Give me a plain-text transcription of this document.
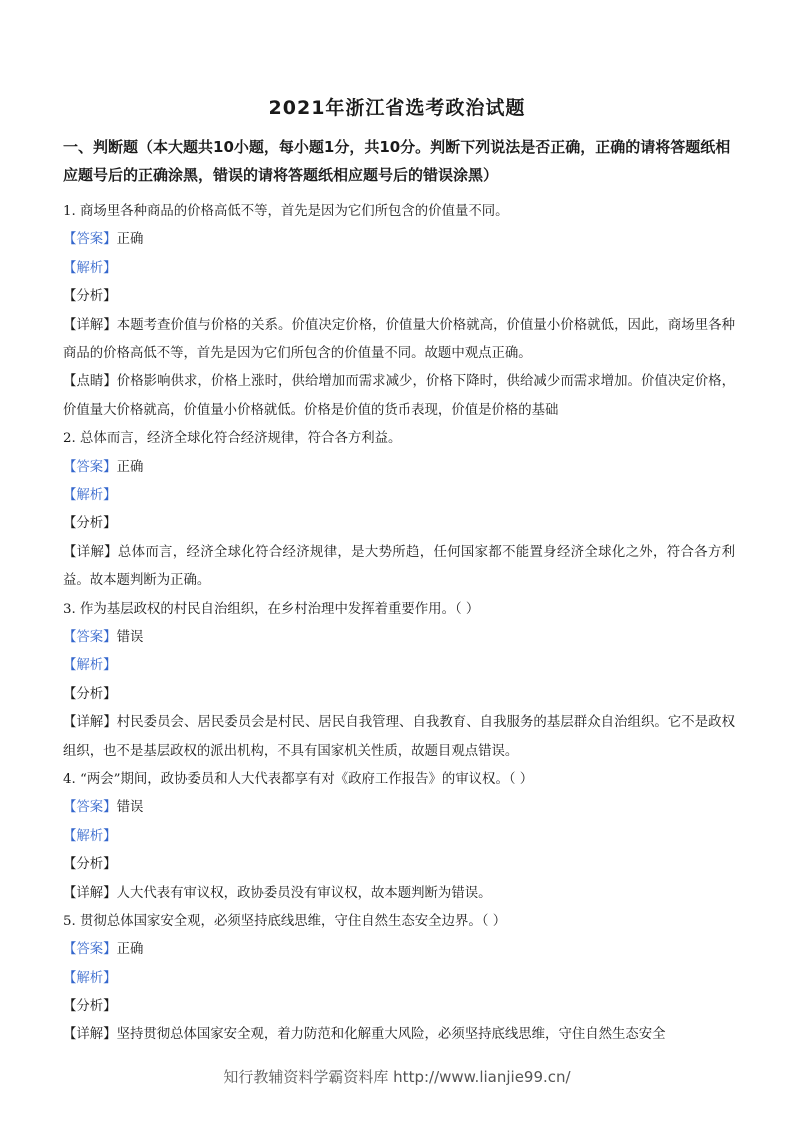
2021年浙江省选考政治试题
一、判断题（本大题共10小题，每小题1分，共10分。判断下列说法是否正确，正确的请将答题纸相应题号后的正确涂黑，错误的请将答题纸相应题号后的错误涂黑）
1. 商场里各种商品的价格高低不等，首先是因为它们所包含的价值量不同。
【答案】正确
【解析】
【分析】
【详解】本题考查价值与价格的关系。价值决定价格，价值量大价格就高，价值量小价格就低，因此，商场里各种商品的价格高低不等，首先是因为它们所包含的价值量不同。故题中观点正确。
【点睛】价格影响供求，价格上涨时，供给增加而需求减少，价格下降时，供给减少而需求增加。价值决定价格，价值量大价格就高，价值量小价格就低。价格是价值的货币表现，价值是价格的基础
2. 总体而言，经济全球化符合经济规律，符合各方利益。
【答案】正确
【解析】
【分析】
【详解】总体而言，经济全球化符合经济规律，是大势所趋，任何国家都不能置身经济全球化之外，符合各方利益。故本题判断为正确。
3. 作为基层政权的村民自治组织，在乡村治理中发挥着重要作用。（ ）
【答案】错误
【解析】
【分析】
【详解】村民委员会、居民委员会是村民、居民自我管理、自我教育、自我服务的基层群众自治组织。它不是政权组织，也不是基层政权的派出机构，不具有国家机关性质，故题目观点错误。
4. “两会”期间，政协委员和人大代表都享有对《政府工作报告》的审议权。（ ）
【答案】错误
【解析】
【分析】
【详解】人大代表有审议权，政协委员没有审议权，故本题判断为错误。
5. 贯彻总体国家安全观，必须坚持底线思维，守住自然生态安全边界。（ ）
【答案】正确
【解析】
【分析】
【详解】坚持贯彻总体国家安全观，着力防范和化解重大风险，必须坚持底线思维，守住自然生态安全
知行教辅资料学霸资料库 http://www.lianjie99.cn/
